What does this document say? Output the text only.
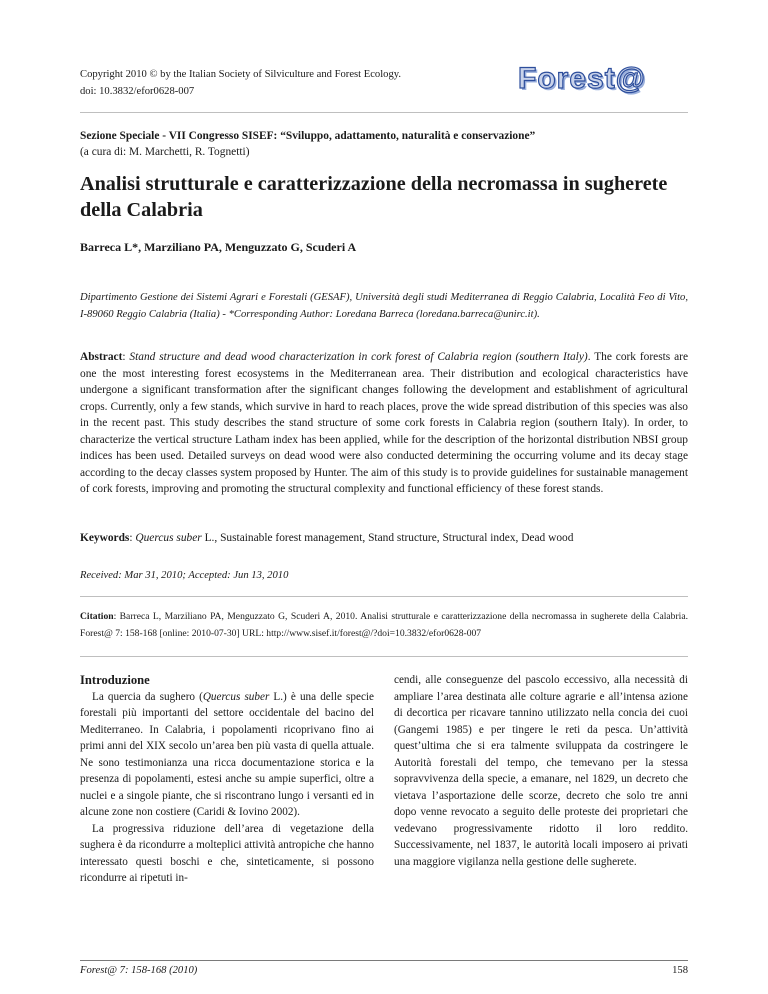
Copyright 2010 © by the Italian Society of Silviculture and Forest Ecology.
doi: 10.3832/efor0628-007	Forest@
Sezione Speciale - VII Congresso SISEF: “Sviluppo, adattamento, naturalità e conservazione”
(a cura di: M. Marchetti, R. Tognetti)
Analisi strutturale e caratterizzazione della necromassa in sugherete della Calabria
Barreca L*, Marziliano PA, Menguzzato G, Scuderi A
Dipartimento Gestione dei Sistemi Agrari e Forestali (GESAF), Università degli studi Mediterranea di Reggio Calabria, Località Feo di Vito, I-89060 Reggio Calabria (Italia) - *Corresponding Author: Loredana Barreca (loredana.barreca@unirc.it).
Abstract: Stand structure and dead wood characterization in cork forest of Calabria region (southern Italy). The cork forests are one the most interesting forest ecosystems in the Mediterranean area. Their distribution and ecological characteristics have undergone a significant transformation after the significant changes following the development and establishment of agricultural crops. Currently, only a few stands, which survive in hard to reach places, prove the wide spread distribution of this species was also in the recent past. This study describes the stand structure of some cork forests in Calabria region (southern Italy). In order, to characterize the vertical structure Latham index has been applied, while for the description of the horizontal distribution NBSI group indices has been used. Detailed surveys on dead wood were also conducted determining the occurring volume and its decay stage according to the decay classes system proposed by Hunter. The aim of this study is to provide guidelines for sustainable management of cork forests, improving and promoting the structural complexity and functional efficiency of these forest stands.
Keywords: Quercus suber L., Sustainable forest management, Stand structure, Structural index, Dead wood
Received: Mar 31, 2010; Accepted: Jun 13, 2010
Citation: Barreca L, Marziliano PA, Menguzzato G, Scuderi A, 2010. Analisi strutturale e caratterizzazione della necromassa in sugherete della Calabria. Forest@ 7: 158-168 [online: 2010-07-30] URL: http://www.sisef.it/forest@/?doi=10.3832/efor0628-007
Introduzione

La quercia da sughero (Quercus suber L.) è una delle specie forestali più importanti del settore occidentale del bacino del Mediterraneo. In Calabria, i popolamenti ricoprivano fino ai primi anni del XIX secolo un’area ben più vasta di quella attuale. Ne sono testimonianza una ricca documentazione storica e la presenza di popolamenti, estesi anche su ampie superfici, oltre a nuclei e a singole piante, che si riscontrano lungo i versanti ed in alcune zone non costiere (Caridi & Iovino 2002).

La progressiva riduzione dell’area di vegetazione della sughera è da ricondurre a molteplici attività antropiche che hanno interessato questi boschi e che, sinteticamente, si possono ricondurre ai ripetuti in-

cendi, alle conseguenze del pascolo eccessivo, alla necessità di ampliare l’area destinata alle colture agrarie e all’intensa azione di decortica per ricavare tannino utilizzato nella concia dei cuoi (Gangemi 1985) e per tingere le reti da pesca. Un’attività quest’ultima che si era talmente sviluppata da costringere le Autorità forestali del tempo, che temevano per la stessa sopravvivenza della specie, a emanare, nel 1829, un decreto che vietava l’asportazione delle scorze, decreto che solo tre anni dopo venne revocato a seguito delle proteste dei proprietari che vedevano progressivamente ridotto il loro reddito. Successivamente, nel 1837, le autorità locali imposero ai privati una maggiore vigilanza nella gestione delle sugherete.

Forest@ 7: 158-168 (2010)	158
